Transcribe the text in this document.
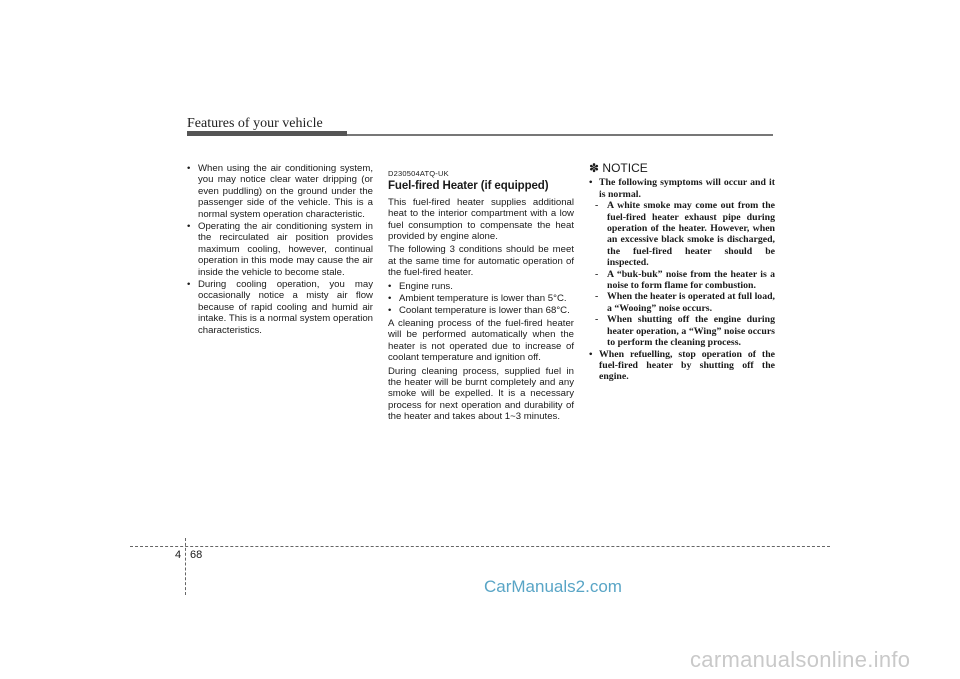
Features of your vehicle
• When using the air conditioning system, you may notice clear water dripping (or even puddling) on the ground under the passenger side of the vehicle. This is a normal system operation characteristic.
• Operating the air conditioning system in the recirculated air position provides maximum cooling, however, continual operation in this mode may cause the air inside the vehicle to become stale.
• During cooling operation, you may occasionally notice a misty air flow because of rapid cooling and humid air intake. This is a normal system operation characteristics.
D230504ATQ-UK
Fuel-fired Heater (if equipped)
This fuel-fired heater supplies additional heat to the interior compartment with a low fuel consumption to compensate the heat provided by engine alone.
The following 3 conditions should be meet at the same time for automatic operation of the fuel-fired heater.
• Engine runs.
• Ambient temperature is lower than 5°C.
• Coolant temperature is lower than 68°C.
A cleaning process of the fuel-fired heater will be performed automatically when the heater is not operated due to increase of coolant temperature and ignition off.
During cleaning process, supplied fuel in the heater will be burnt completely and any smoke will be expelled. It is a necessary process for next operation and durability of the heater and takes about 1~3 minutes.
✽ NOTICE
• The following symptoms will occur and it is normal.
- A white smoke may come out from the fuel-fired heater exhaust pipe during operation of the heater. However, when an excessive black smoke is discharged, the fuel-fired heater should be inspected.
- A “buk-buk” noise from the heater is a noise to form flame for combustion.
- When the heater is operated at full load, a “Wooing” noise occurs.
- When shutting off the engine during heater operation, a “Wing” noise occurs to perform the cleaning process.
• When refuelling, stop operation of the fuel-fired heater by shutting off the engine.
4 68
CarManuals2.com
carmanualsonline.info
